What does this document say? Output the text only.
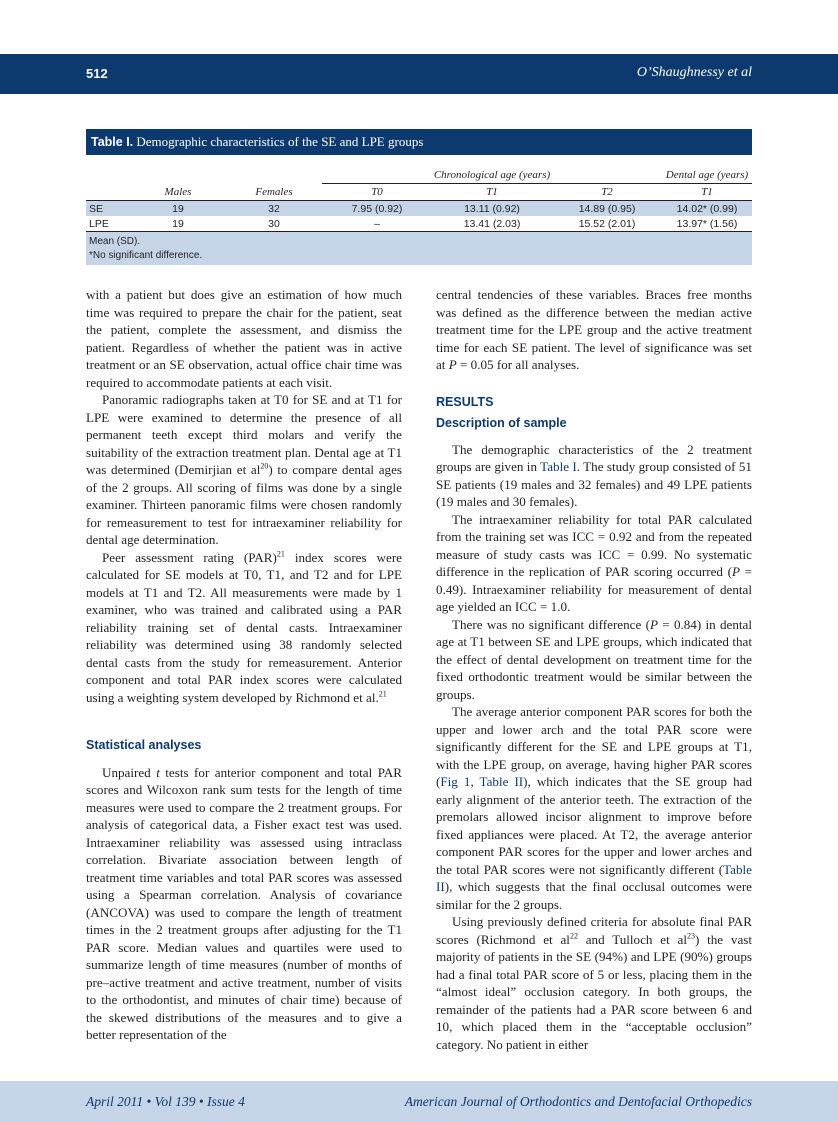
512	O’Shaughnessy et al
Table I. Demographic characteristics of the SE and LPE groups
			Chronological age (years)			Dental age (years)
	Males	Females	T0	T1	T2	T1
SE	19	32	7.95 (0.92)	13.11 (0.92)	14.89 (0.95)	14.02* (0.99)
LPE	19	30	–	13.41 (2.03)	15.52 (2.01)	13.97* (1.56)
Mean (SD).
*No significant difference.

with a patient but does give an estimation of how much time was required to prepare the chair for the patient, seat the patient, complete the assessment, and dismiss the patient. Regardless of whether the patient was in active treatment or an SE observation, actual office chair time was required to accommodate patients at each visit.

Panoramic radiographs taken at T0 for SE and at T1 for LPE were examined to determine the presence of all permanent teeth except third molars and verify the suitability of the extraction treatment plan. Dental age at T1 was determined (Demirjian et $al^{20}$) to compare dental ages of the 2 groups. All scoring of films was done by a single examiner. Thirteen panoramic films were chosen randomly for remeasurement to test for intraexaminer reliability for dental age determination.

Peer assessment rating (PAR)$^{21}$ index scores were calculated for SE models at T0, T1, and T2 and for LPE models at T1 and T2. All measurements were made by 1 examiner, who was trained and calibrated using a PAR reliability training set of dental casts. Intraexaminer reliability was determined using 38 randomly selected dental casts from the study for remeasurement. Anterior component and total PAR index scores were calculated using a weighting system developed by Richmond et al.$^{21}$

Statistical analyses

Unpaired t tests for anterior component and total PAR scores and Wilcoxon rank sum tests for the length of time measures were used to compare the 2 treatment groups. For analysis of categorical data, a Fisher exact test was used. Intraexaminer reliability was assessed using intraclass correlation. Bivariate association between length of treatment time variables and total PAR scores was assessed using a Spearman correlation. Analysis of covariance (ANCOVA) was used to compare the length of treatment times in the 2 treatment groups after adjusting for the T1 PAR score. Median values and quartiles were used to summarize length of time measures (number of months of pre–active treatment and active treatment, number of visits to the orthodontist, and minutes of chair time) because of the skewed distributions of the measures and to give a better representation of the

central tendencies of these variables. Braces free months was defined as the difference between the median active treatment time for the LPE group and the active treatment time for each SE patient. The level of significance was set at P = 0.05 for all analyses.

RESULTS

Description of sample

The demographic characteristics of the 2 treatment groups are given in Table I. The study group consisted of 51 SE patients (19 males and 32 females) and 49 LPE patients (19 males and 30 females).

The intraexaminer reliability for total PAR calculated from the training set was ICC = 0.92 and from the repeated measure of study casts was ICC = 0.99. No systematic difference in the replication of PAR scoring occurred (P = 0.49). Intraexaminer reliability for measurement of dental age yielded an ICC = 1.0.

There was no significant difference (P = 0.84) in dental age at T1 between SE and LPE groups, which indicated that the effect of dental development on treatment time for the fixed orthodontic treatment would be similar between the groups.

The average anterior component PAR scores for both the upper and lower arch and the total PAR score were significantly different for the SE and LPE groups at T1, with the LPE group, on average, having higher PAR scores (Fig 1, Table II), which indicates that the SE group had early alignment of the anterior teeth. The extraction of the premolars allowed incisor alignment to improve before fixed appliances were placed. At T2, the average anterior component PAR scores for the upper and lower arches and the total PAR scores were not significantly different (Table II), which suggests that the final occlusal outcomes were similar for the 2 groups.

Using previously defined criteria for absolute final PAR scores (Richmond et $al^{22}$ and Tulloch et $al^{23}$) the vast majority of patients in the SE (94%) and LPE (90%) groups had a final total PAR score of 5 or less, placing them in the “almost ideal” occlusion category. In both groups, the remainder of the patients had a PAR score between 6 and 10, which placed them in the “acceptable occlusion” category. No patient in either

April 2011 • Vol 139 • Issue 4	American Journal of Orthodontics and Dentofacial Orthopedics
